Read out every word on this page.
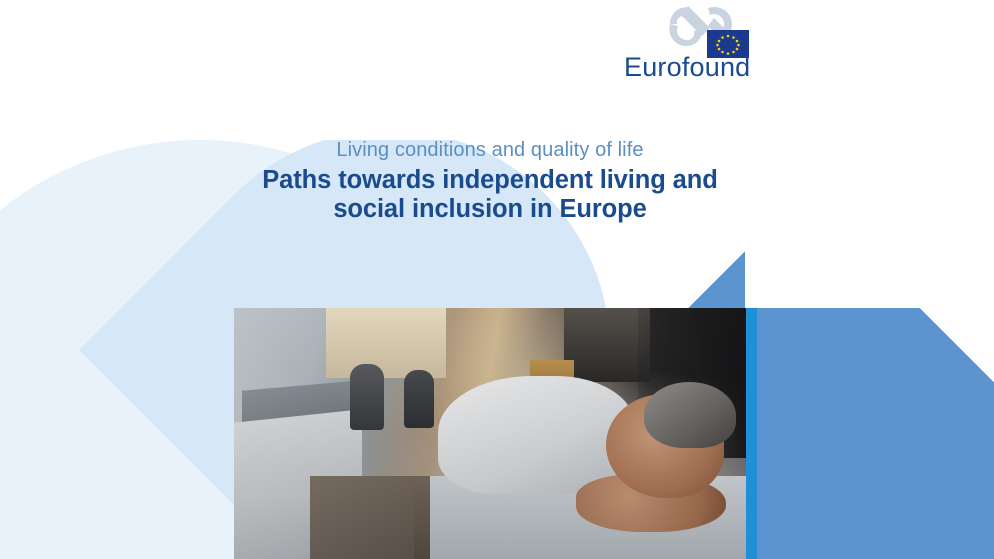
Eurofound
Living conditions and quality of life
Paths towards independent living and
social inclusion in Europe
